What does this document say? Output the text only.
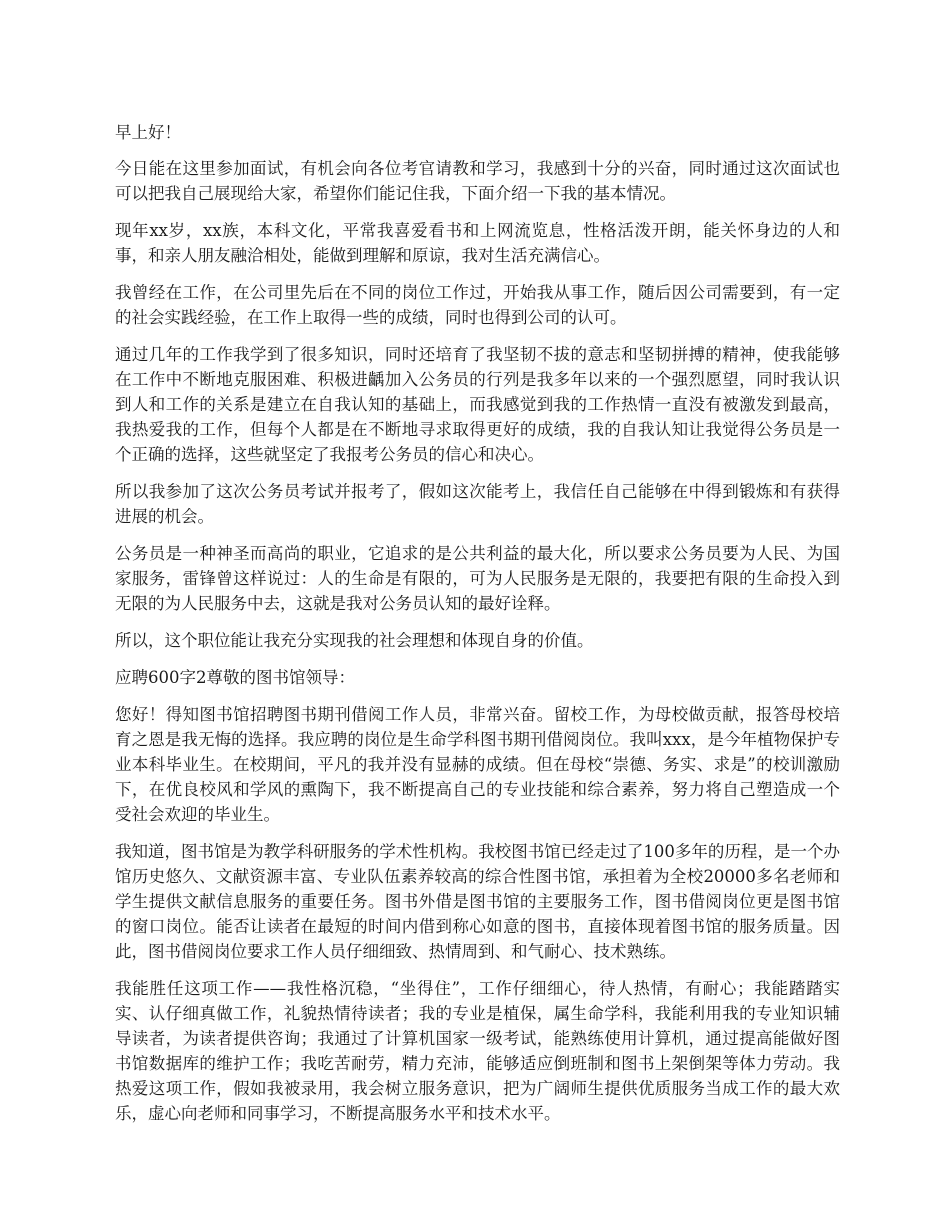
早上好！

今日能在这里参加面试，有机会向各位考官请教和学习，我感到十分的兴奋，同时通过这次面试也可以把我自己展现给大家，希望你们能记住我，下面介绍一下我的基本情况。

现年xx岁，xx族，本科文化，平常我喜爱看书和上网流览息，性格活泼开朗，能关怀身边的人和事，和亲人朋友融洽相处，能做到理解和原谅，我对生活充满信心。

我曾经在工作，在公司里先后在不同的岗位工作过，开始我从事工作，随后因公司需要到，有一定的社会实践经验，在工作上取得一些的成绩，同时也得到公司的认可。

通过几年的工作我学到了很多知识，同时还培育了我坚韧不拔的意志和坚韧拼搏的精神，使我能够在工作中不断地克服困难、积极进齲加入公务员的行列是我多年以来的一个强烈愿望，同时我认识到人和工作的关系是建立在自我认知的基础上，而我感觉到我的工作热情一直没有被激发到最高，我热爱我的工作，但每个人都是在不断地寻求取得更好的成绩，我的自我认知让我觉得公务员是一个正确的选择，这些就坚定了我报考公务员的信心和决心。

所以我参加了这次公务员考试并报考了，假如这次能考上，我信任自己能够在中得到锻炼和有获得进展的机会。

公务员是一种神圣而高尚的职业，它追求的是公共利益的最大化，所以要求公务员要为人民、为国家服务，雷锋曾这样说过：人的生命是有限的，可为人民服务是无限的，我要把有限的生命投入到无限的为人民服务中去，这就是我对公务员认知的最好诠释。

所以，这个职位能让我充分实现我的社会理想和体现自身的价值。

应聘600字2尊敬的图书馆领导：

您好！得知图书馆招聘图书期刊借阅工作人员，非常兴奋。留校工作，为母校做贡献，报答母校培育之恩是我无悔的选择。我应聘的岗位是生命学科图书期刊借阅岗位。我叫xxx，是今年植物保护专业本科毕业生。在校期间，平凡的我并没有显赫的成绩。但在母校“崇德、务实、求是”的校训激励下，在优良校风和学风的熏陶下，我不断提高自己的专业技能和综合素养，努力将自己塑造成一个受社会欢迎的毕业生。

我知道，图书馆是为教学科研服务的学术性机构。我校图书馆已经走过了100多年的历程，是一个办馆历史悠久、文献资源丰富、专业队伍素养较高的综合性图书馆，承担着为全校20000多名老师和学生提供文献信息服务的重要任务。图书外借是图书馆的主要服务工作，图书借阅岗位更是图书馆的窗口岗位。能否让读者在最短的时间内借到称心如意的图书，直接体现着图书馆的服务质量。因此，图书借阅岗位要求工作人员仔细细致、热情周到、和气耐心、技术熟练。

我能胜任这项工作——我性格沉稳，“坐得住”，工作仔细细心，待人热情，有耐心；我能踏踏实实、认仔细真做工作，礼貌热情待读者；我的专业是植保，属生命学科，我能利用我的专业知识辅导读者，为读者提供咨询；我通过了计算机国家一级考试，能熟练使用计算机，通过提高能做好图书馆数据库的维护工作；我吃苦耐劳，精力充沛，能够适应倒班制和图书上架倒架等体力劳动。我热爱这项工作，假如我被录用，我会树立服务意识，把为广阔师生提供优质服务当成工作的最大欢乐，虚心向老师和同事学习，不断提高服务水平和技术水平。
